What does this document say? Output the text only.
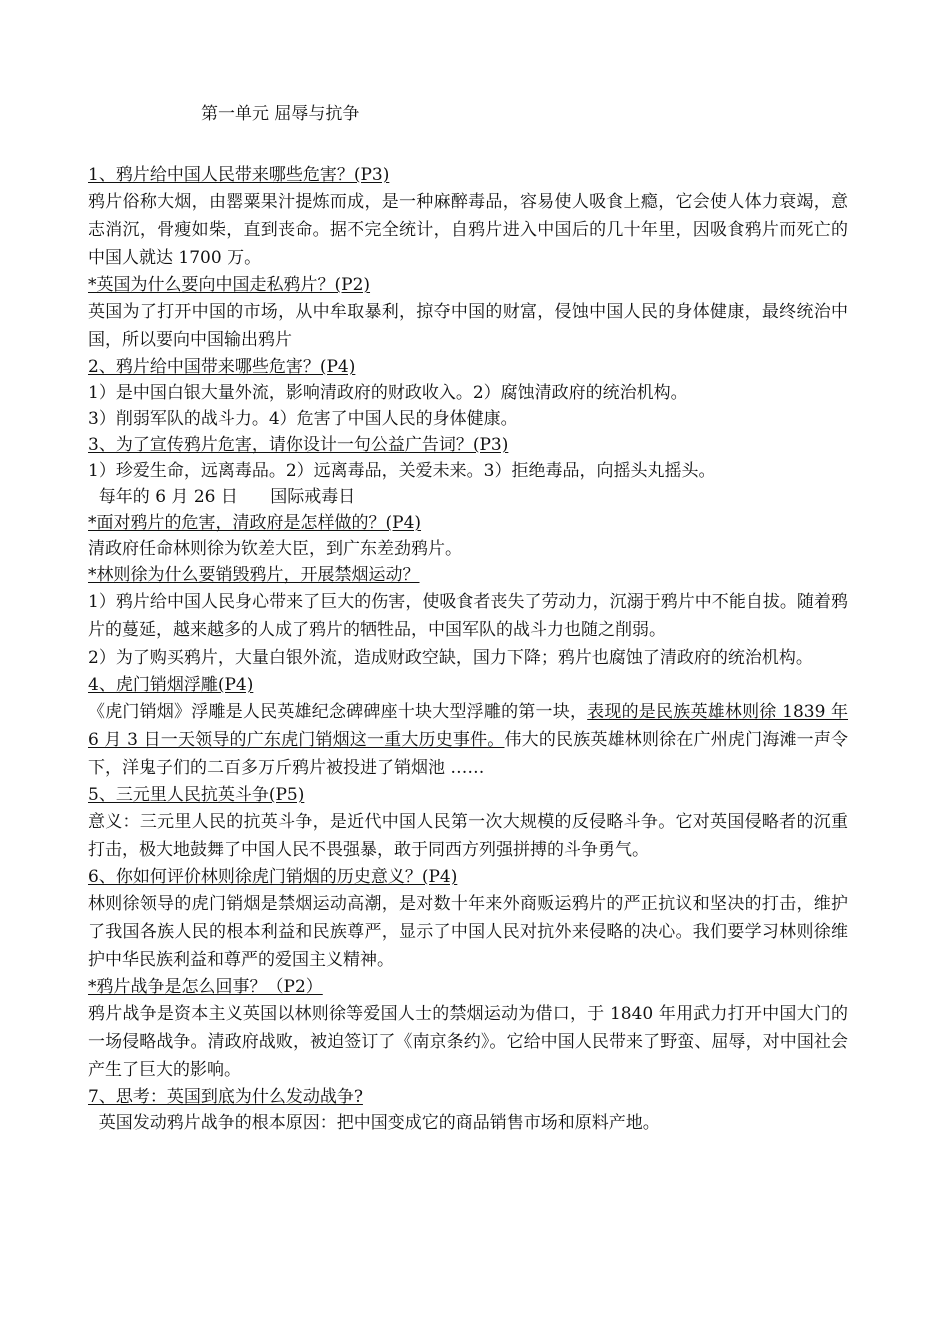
第一单元 屈辱与抗争

1、鸦片给中国人民带来哪些危害？(P3)

鸦片俗称大烟，由罂粟果汁提炼而成，是一种麻醉毒品，容易使人吸食上瘾，它会使人体力衰竭，意志消沉，骨瘦如柴，直到丧命。据不完全统计，自鸦片进入中国后的几十年里，因吸食鸦片而死亡的中国人就达 1700 万。

*英国为什么要向中国走私鸦片？(P2)

英国为了打开中国的市场，从中牟取暴利，掠夺中国的财富，侵蚀中国人民的身体健康，最终统治中国，所以要向中国输出鸦片

2、鸦片给中国带来哪些危害？(P4)

1）是中国白银大量外流，影响清政府的财政收入。2）腐蚀清政府的统治机构。

3）削弱军队的战斗力。4）危害了中国人民的身体健康。

3、为了宣传鸦片危害，请你设计一句公益广告词？(P3)

1）珍爱生命，远离毒品。2）远离毒品，关爱未来。3）拒绝毒品，向摇头丸摇头。

每年的 6 月 26 日      国际戒毒日

*面对鸦片的危害，清政府是怎样做的？(P4)

清政府任命林则徐为钦差大臣，到广东差劲鸦片。

*林则徐为什么要销毁鸦片，开展禁烟运动？

1）鸦片给中国人民身心带来了巨大的伤害，使吸食者丧失了劳动力，沉溺于鸦片中不能自拔。随着鸦片的蔓延，越来越多的人成了鸦片的牺牲品，中国军队的战斗力也随之削弱。

2）为了购买鸦片，大量白银外流，造成财政空缺，国力下降；鸦片也腐蚀了清政府的统治机构。

4、虎门销烟浮雕(P4)

《虎门销烟》浮雕是人民英雄纪念碑碑座十块大型浮雕的第一块，表现的是民族英雄林则徐 1839 年 6 月 3 日一天领导的广东虎门销烟这一重大历史事件。伟大的民族英雄林则徐在广州虎门海滩一声令下，洋鬼子们的二百多万斤鸦片被投进了销烟池 ……

5、三元里人民抗英斗争(P5)

意义：三元里人民的抗英斗争，是近代中国人民第一次大规模的反侵略斗争。它对英国侵略者的沉重打击，极大地鼓舞了中国人民不畏强暴，敢于同西方列强拼搏的斗争勇气。

6、你如何评价林则徐虎门销烟的历史意义？(P4)

林则徐领导的虎门销烟是禁烟运动高潮，是对数十年来外商贩运鸦片的严正抗议和坚决的打击，维护了我国各族人民的根本利益和民族尊严，显示了中国人民对抗外来侵略的决心。我们要学习林则徐维护中华民族利益和尊严的爱国主义精神。

*鸦片战争是怎么回事？（P2）

鸦片战争是资本主义英国以林则徐等爱国人士的禁烟运动为借口，于 1840 年用武力打开中国大门的一场侵略战争。清政府战败，被迫签订了《南京条约》。它给中国人民带来了野蛮、屈辱，对中国社会产生了巨大的影响。

7、思考：英国到底为什么发动战争?

英国发动鸦片战争的根本原因：把中国变成它的商品销售市场和原料产地。
